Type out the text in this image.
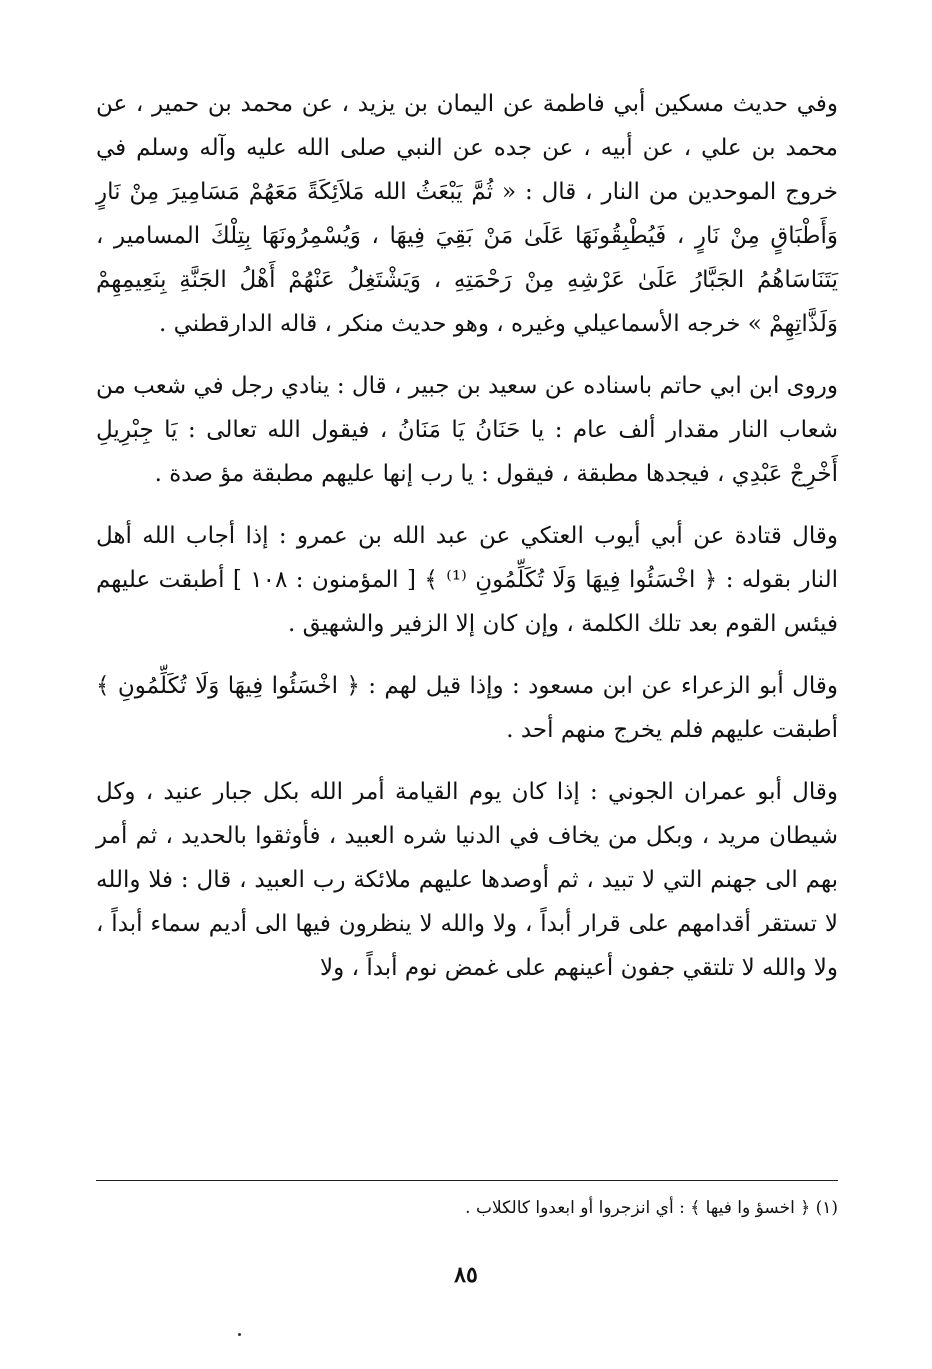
وفي حديث مسكين أبي فاطمة عن اليمان بن يزيد ، عن محمد بن حمير ، عن محمد بن علي ، عن أبيه ، عن جده عن النبي صلى الله عليه وآله وسلم في خروج الموحدين من النار ، قال : « ثُمَّ يَبْعَثُ الله مَلاَئِكَةً مَعَهُمْ مَسَامِيرَ مِنْ نَارٍ وَأَطْبَاقٍ مِنْ نَارٍ ، فَيُطْبِقُونَهَا عَلَىٰ مَنْ بَقِيَ فِيهَا ، وَيُسْمِرُونَهَا بِتِلْكَ المسامير ، يَتَنَاسَاهُمُ الجَبَّارُ عَلَىٰ عَرْشِهِ مِنْ رَحْمَتِهِ ، وَيَشْتَغِلُ عَنْهُمْ أَهْلُ الجَنَّةِ بِنَعِيمِهِمْ وَلَذَّاتِهِمْ » خرجه الأسماعيلي وغيره ، وهو حديث منكر ، قاله الدارقطني .

وروى ابن ابي حاتم باسناده عن سعيد بن جبير ، قال : ينادي رجل في شعب من شعاب النار مقدار ألف عام : يا حَنَانُ يَا مَنَانُ ، فيقول الله تعالى : يَا جِبْرِيلِ أَخْرِجْ عَبْدِي ، فيجدها مطبقة ، فيقول : يا رب إنها عليهم مطبقة مؤ صدة .

وقال قتادة عن أبي أيوب العتكي عن عبد الله بن عمرو : إذا أجاب الله أهل النار بقوله : ﴿ اخْسَئُوا فِيهَا وَلَا تُكَلِّمُونِ ⁽¹⁾ ﴾ [ المؤمنون : ١٠٨ ] أطبقت عليهم فيئس القوم بعد تلك الكلمة ، وإن كان إلا الزفير والشهيق .

وقال أبو الزعراء عن ابن مسعود : وإذا قيل لهم : ﴿ اخْسَئُوا فِيهَا وَلَا تُكَلِّمُونِ ﴾ أطبقت عليهم فلم يخرج منهم أحد .

وقال أبو عمران الجوني : إذا كان يوم القيامة أمر الله بكل جبار عنيد ، وكل شيطان مريد ، وبكل من يخاف في الدنيا شره العبيد ، فأوثقوا بالحديد ، ثم أمر بهم الى جهنم التي لا تبيد ، ثم أوصدها عليهم ملائكة رب العبيد ، قال : فلا والله لا تستقر أقدامهم على قرار أبداً ، ولا والله لا ينظرون فيها الى أديم سماء أبداً ، ولا والله لا تلتقي جفون أعينهم على غمض نوم أبداً ، ولا

(١) ﴿ اخسؤ وا فيها ﴾ : أي انزجروا أو ابعدوا كالكلاب .
٨٥
